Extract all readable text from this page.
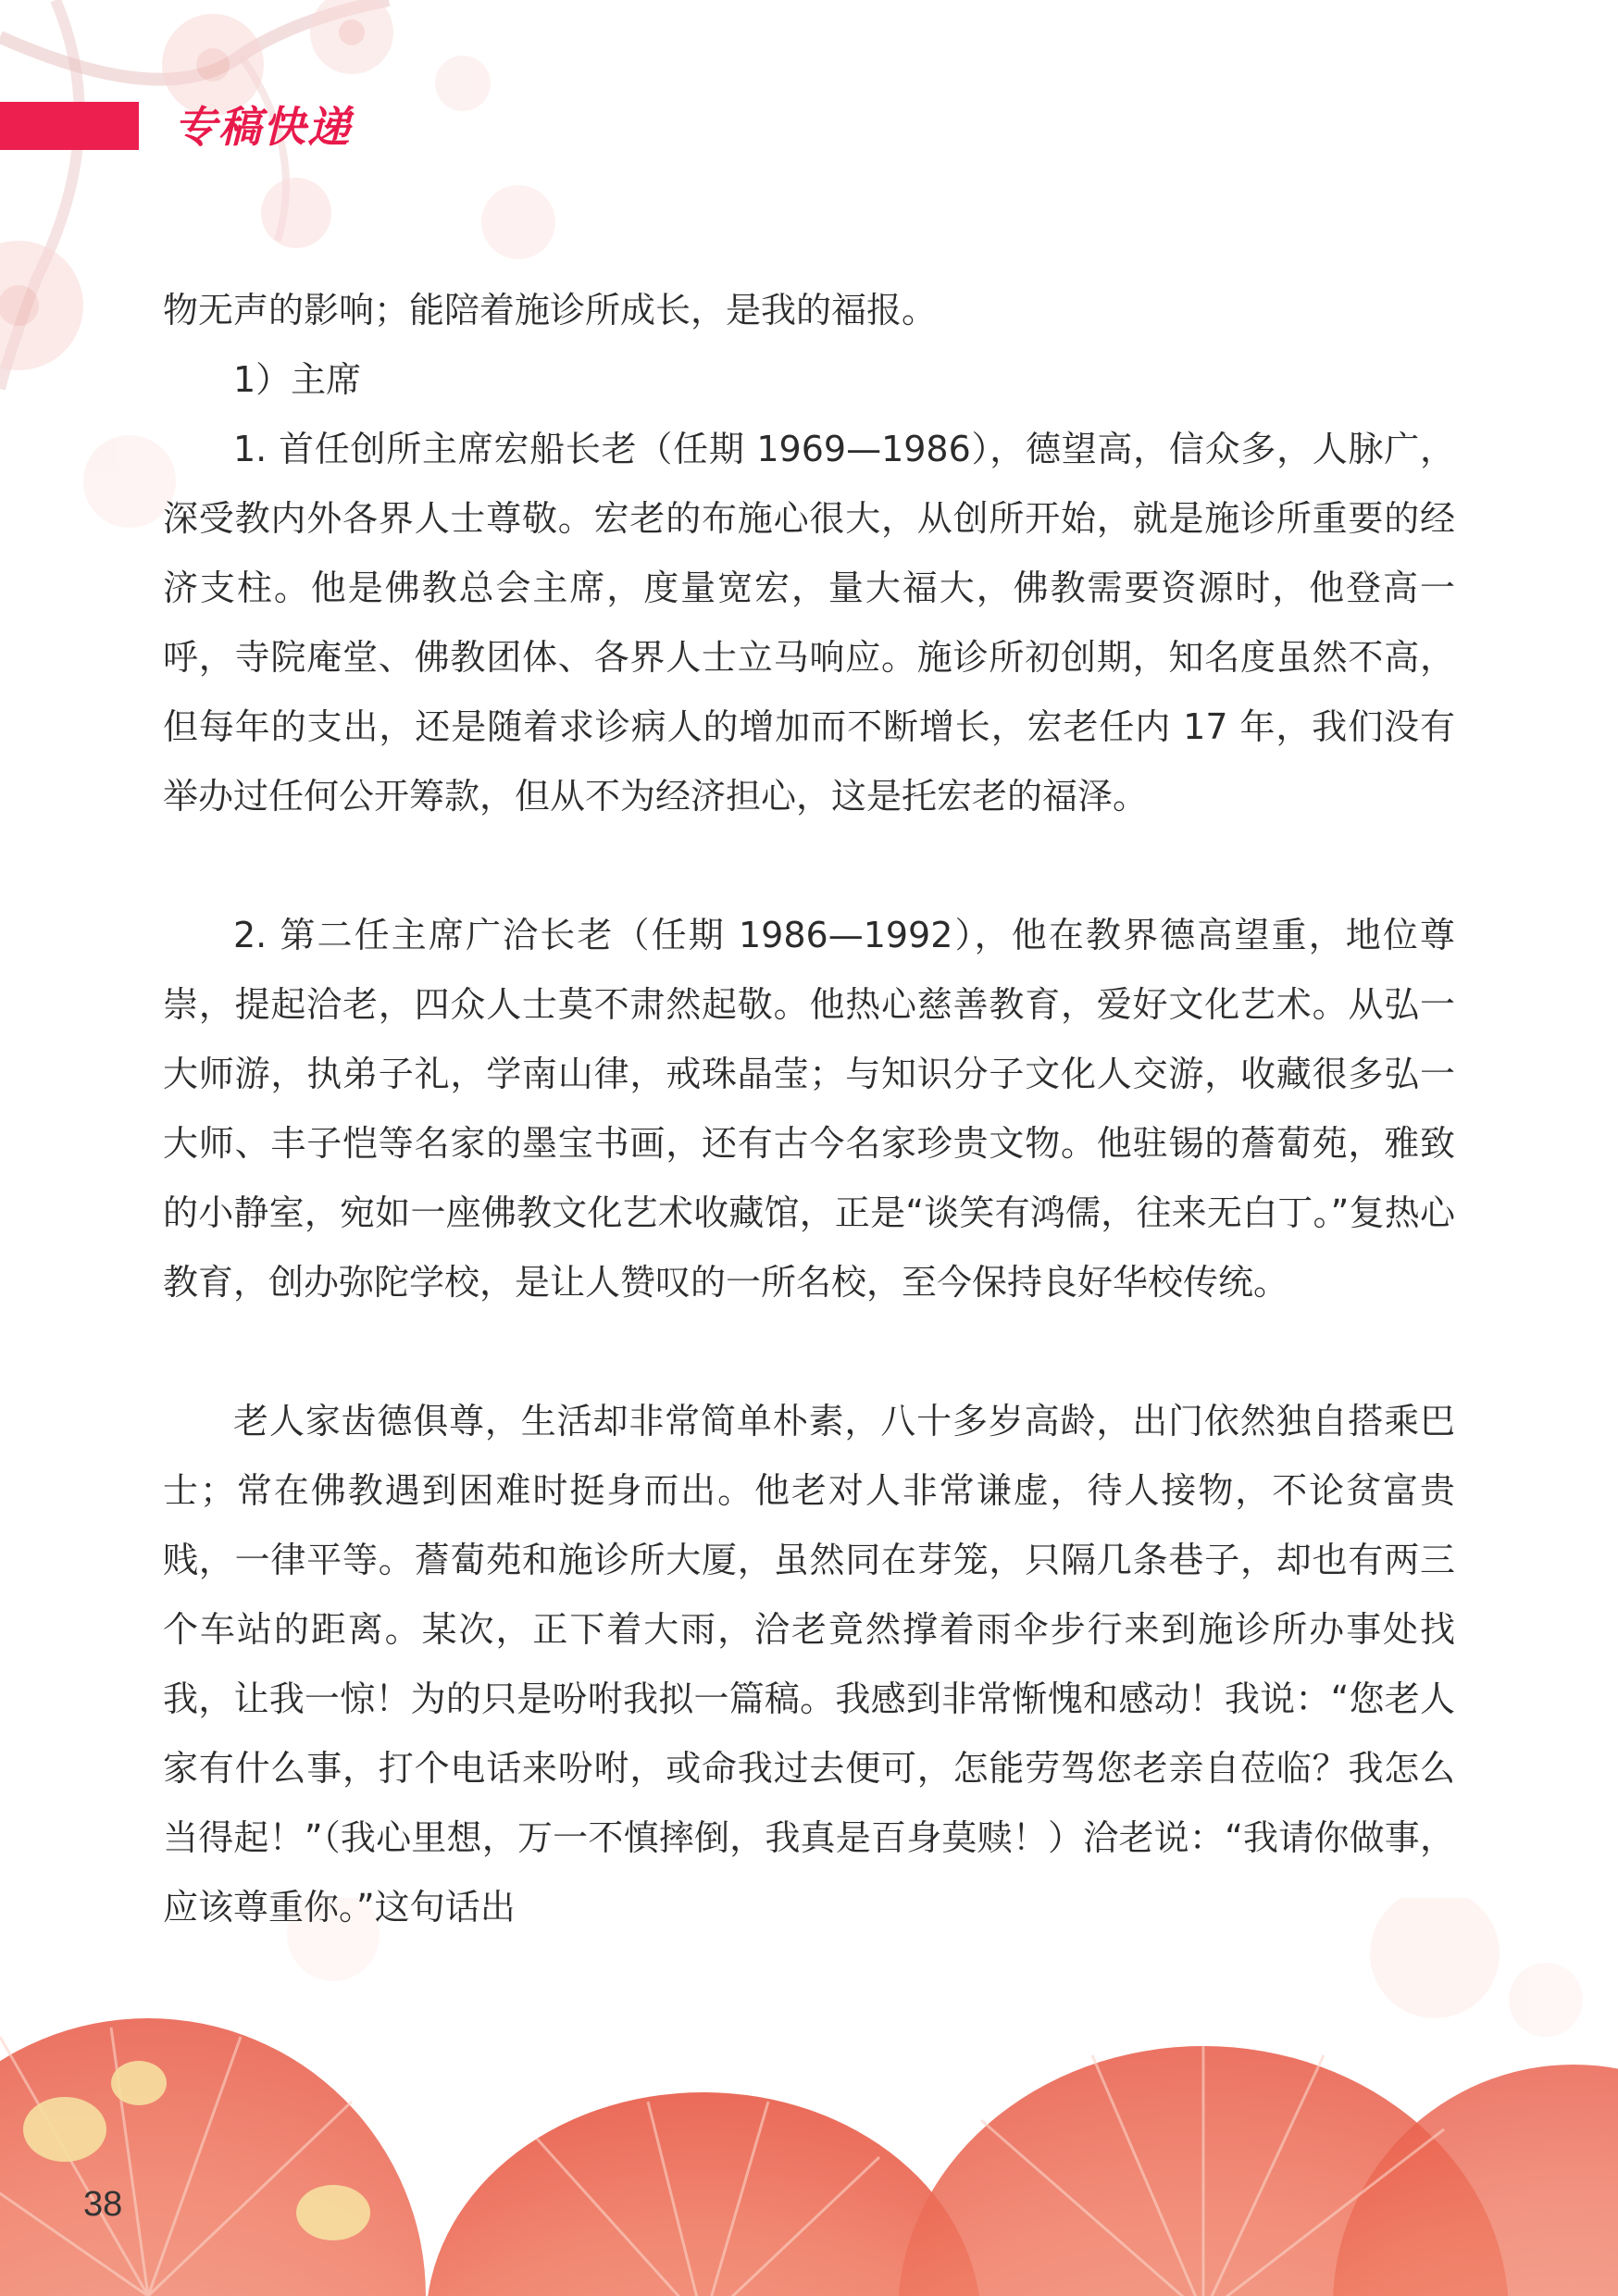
专稿快递

物无声的影响；能陪着施诊所成长，是我的福报。

1）主席

1. 首任创所主席宏船长老（任期 1969—1986），德望高，信众多，人脉广，深受教内外各界人士尊敬。宏老的布施心很大，从创所开始，就是施诊所重要的经济支柱。他是佛教总会主席，度量宽宏，量大福大，佛教需要资源时，他登高一呼，寺院庵堂、佛教团体、各界人士立马响应。施诊所初创期，知名度虽然不高，但每年的支出，还是随着求诊病人的增加而不断增长，宏老任内 17 年，我们没有举办过任何公开筹款，但从不为经济担心，这是托宏老的福泽。

2. 第二任主席广洽长老（任期 1986—1992），他在教界德高望重，地位尊崇，提起洽老，四众人士莫不肃然起敬。他热心慈善教育，爱好文化艺术。从弘一大师游，执弟子礼，学南山律，戒珠晶莹；与知识分子文化人交游，收藏很多弘一大师、丰子恺等名家的墨宝书画，还有古今名家珍贵文物。他驻锡的薝蔔苑，雅致的小静室，宛如一座佛教文化艺术收藏馆，正是“谈笑有鸿儒，往来无白丁。”复热心教育，创办弥陀学校，是让人赞叹的一所名校，至今保持良好华校传统。

老人家齿德俱尊，生活却非常简单朴素，八十多岁高龄，出门依然独自搭乘巴士；常在佛教遇到困难时挺身而出。他老对人非常谦虚，待人接物，不论贫富贵贱，一律平等。薝蔔苑和施诊所大厦，虽然同在芽笼，只隔几条巷子，却也有两三个车站的距离。某次，正下着大雨，洽老竟然撑着雨伞步行来到施诊所办事处找我，让我一惊！为的只是吩咐我拟一篇稿。我感到非常惭愧和感动！我说：“您老人家有什么事，打个电话来吩咐，或命我过去便可，怎能劳驾您老亲自莅临？我怎么当得起！”（我心里想，万一不慎摔倒，我真是百身莫赎！）洽老说：“我请你做事，应该尊重你。”这句话出

38
